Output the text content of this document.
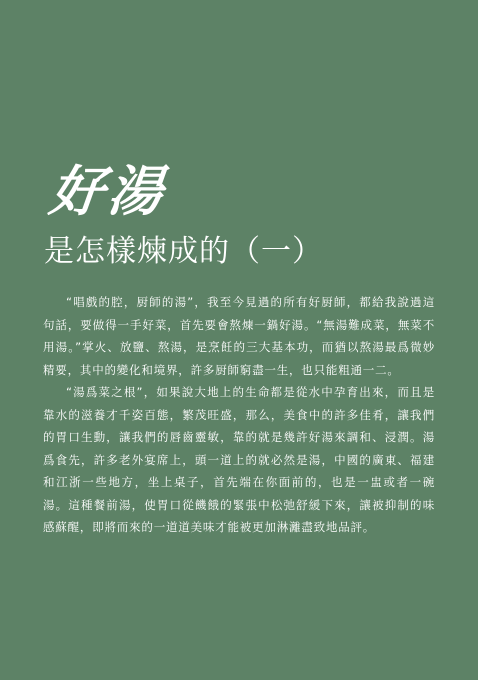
好湯
是怎樣煉成的（一）

“唱戲的腔，厨師的湯”，我至今見過的所有好厨師，都給我說過這句話，要做得一手好菜，首先要會熬煉一鍋好湯。“無湯難成菜，無菜不用湯。”掌火、放鹽、熬湯，是烹飪的三大基本功，而猶以熬湯最爲微妙精要，其中的變化和境界，許多厨師窮盡一生，也只能粗通一二。

“湯爲菜之根”，如果說大地上的生命都是從水中孕育出來，而且是靠水的滋養才千姿百態，繁茂旺盛，那么，美食中的許多佳肴，讓我們的胃口生動，讓我們的唇齒靈敏，靠的就是幾許好湯來調和、浸潤。湯爲食先，許多老外宴席上，頭一道上的就必然是湯，中國的廣東、福建和江浙一些地方，坐上桌子，首先端在你面前的，也是一盅或者一碗湯。這種餐前湯，使胃口從饑餓的緊張中松弛舒緩下來，讓被抑制的味感蘇醒，即將而來的一道道美味才能被更加淋灕盡致地品評。
